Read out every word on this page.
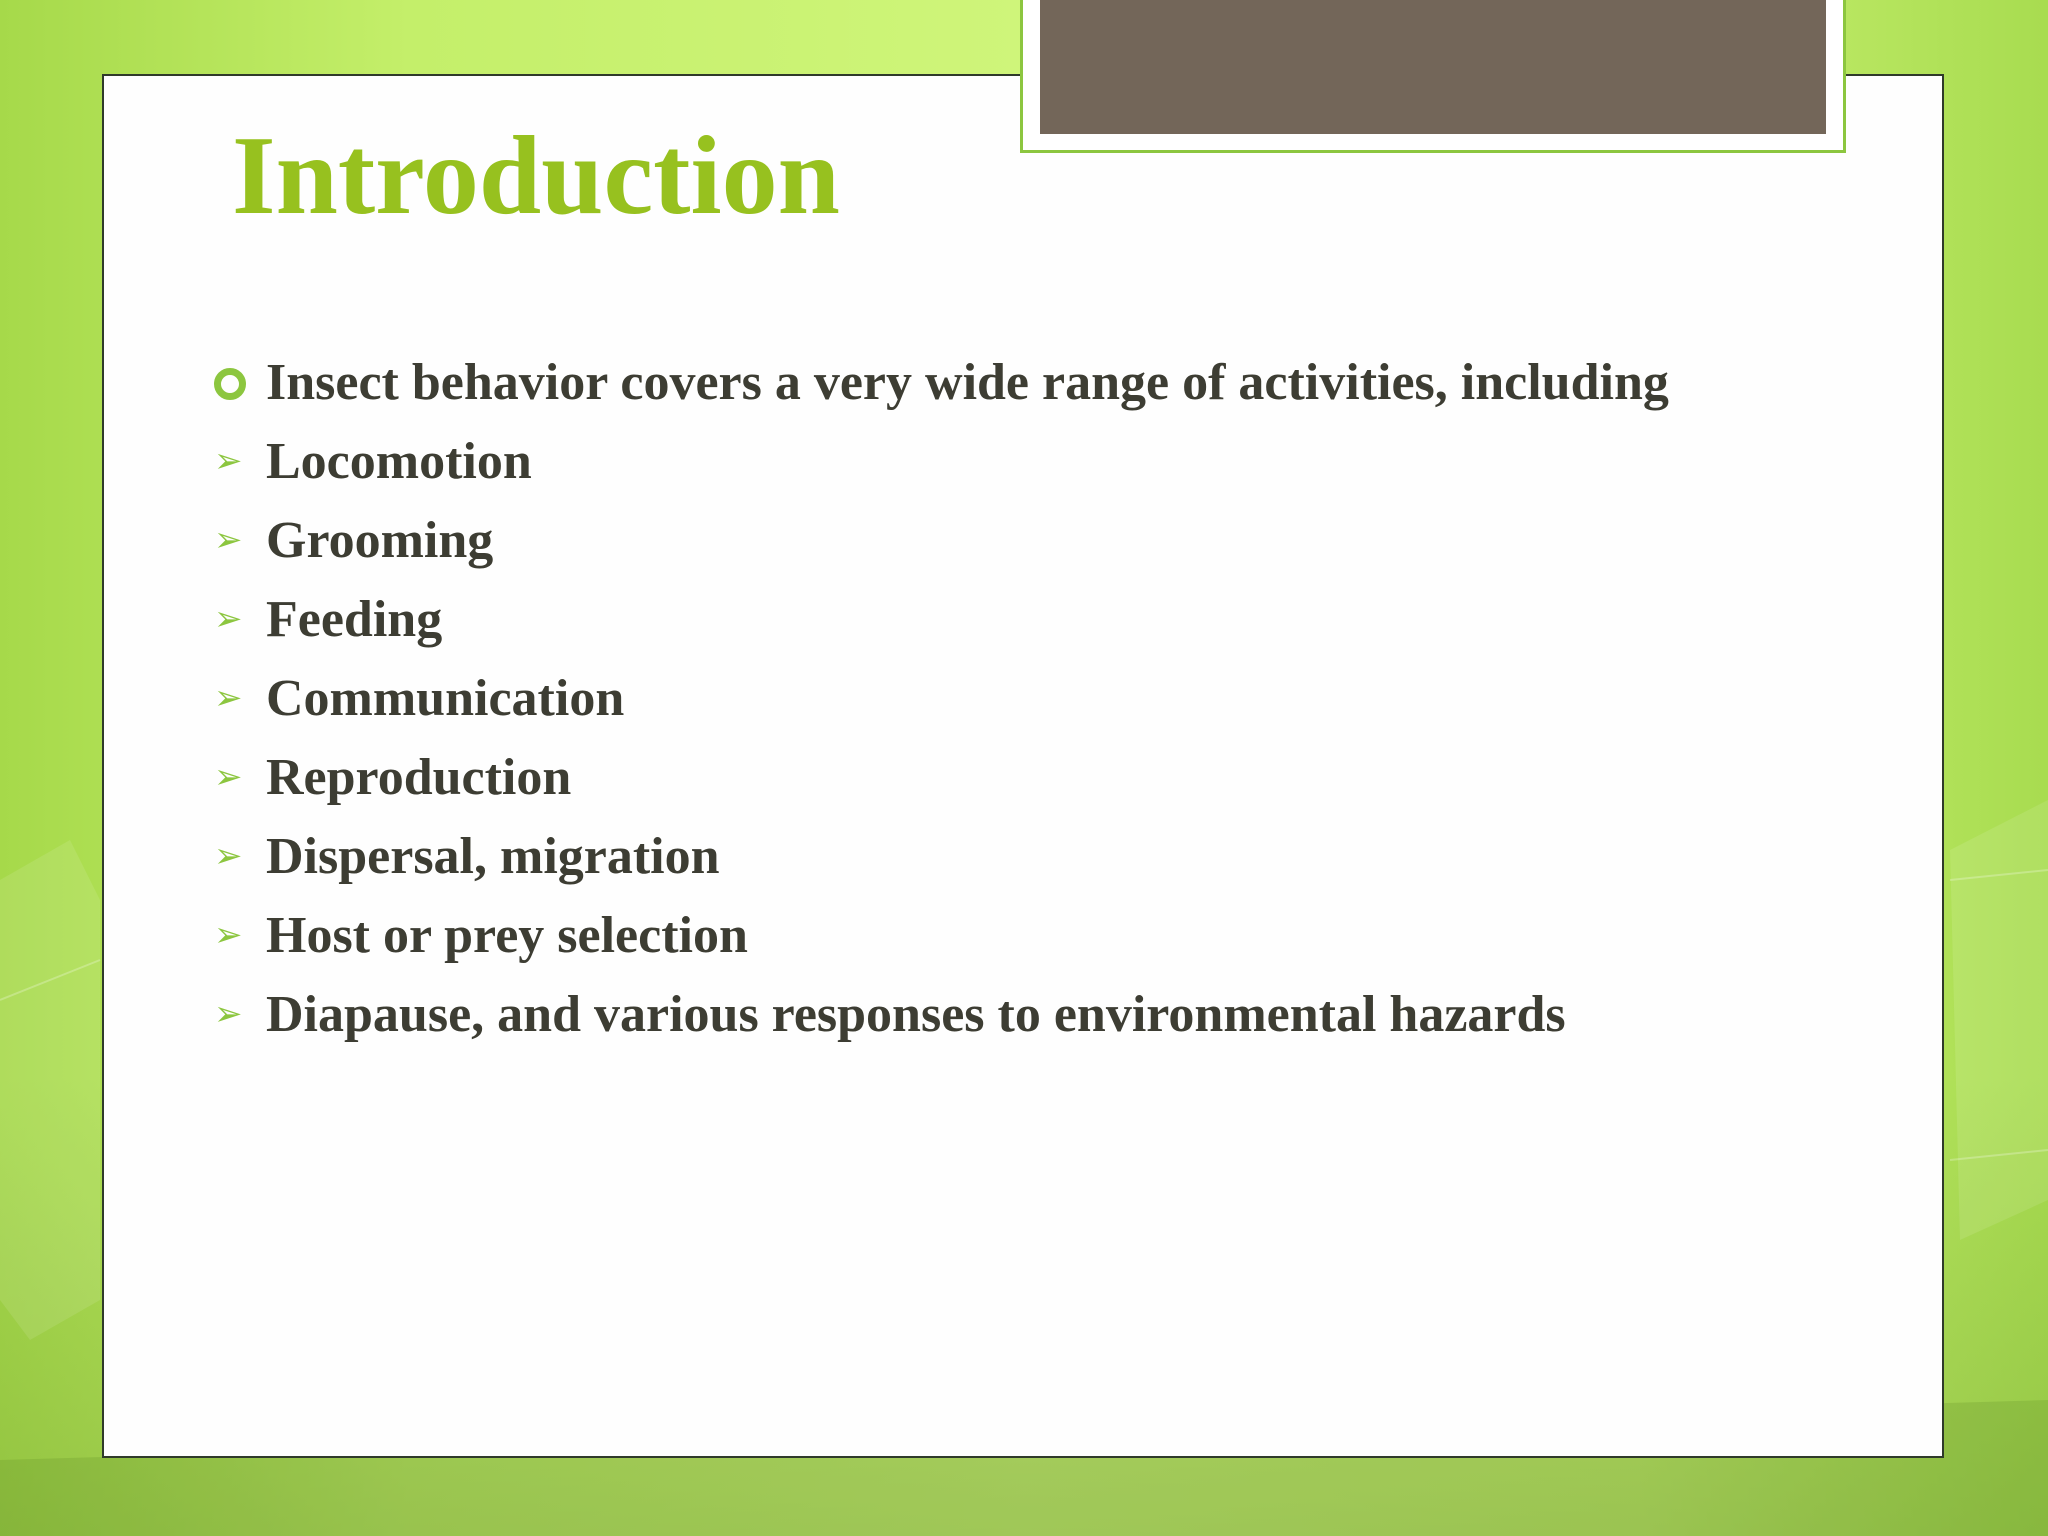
Introduction
Insect behavior covers a very wide range of activities, including
➢ Locomotion
➢ Grooming
➢ Feeding
➢ Communication
➢ Reproduction
➢ Dispersal, migration
➢ Host or prey selection
➢ Diapause, and various responses to environmental hazards
